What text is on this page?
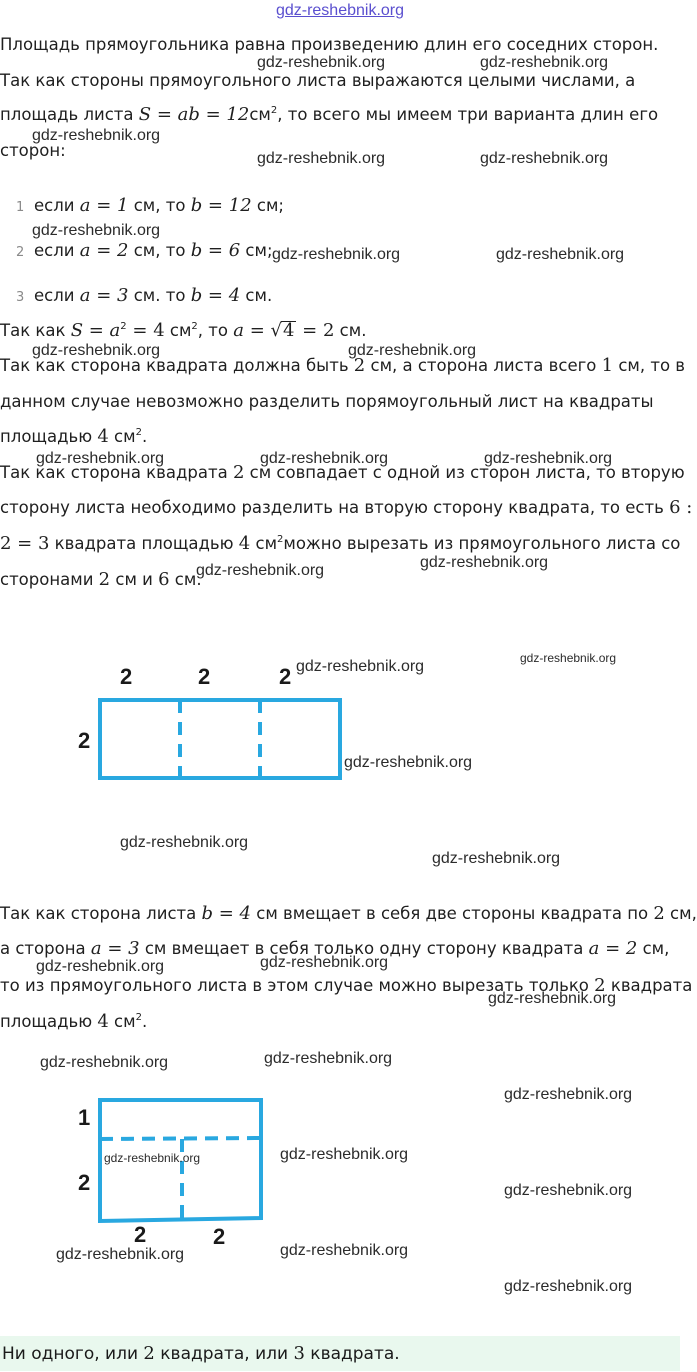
gdz-reshebnik.org
Площадь прямоугольника равна произведению длин его соседних сторон.
Так как стороны прямоугольного листа выражаются целыми числами, а
площадь листа S = ab = $12см^2$, то всего мы имеем три варианта длин его
сторон:
1 если a = 1 см, то b = 12 см;
2 если a = 2 см, то b = 6 см;
3 если a = 3 см. то b = 4 см.
Так как $S = a^2 = 4$ $см^2$, то a = √4 = 2 см.
Так как сторона квадрата должна быть 2 см, а сторона листа всего 1 см, то в
данном случае невозможно разделить порямоугольный лист на квадраты
площадью 4 $см^2$.
Так как сторона квадрата 2 см совпадает с одной из сторон листа, то вторую
сторону листа необходимо разделить на вторую сторону квадрата, то есть 6 :
2 = 3 квадрата площадью 4 $см^2можно$ вырезать из прямоугольного листа со
сторонами 2 см и 6 см.
2	2	2
2
Так как сторона листа b = 4 см вмещает в себя две стороны квадрата по 2 см,
а сторона a = 3 см вмещает в себя только одну сторону квадрата a = 2 см,
то из прямоугольного листа в этом случае можно вырезать только 2 квадрата
площадью 4 $см^2$.
1
2
2	2
gdz-reshebnik.org	gdz-reshebnik.org
gdz-reshebnik.org
gdz-reshebnik.org	gdz-reshebnik.org
gdz-reshebnik.org
gdz-reshebnik.org	gdz-reshebnik.org
gdz-reshebnik.org	gdz-reshebnik.org
gdz-reshebnik.org	gdz-reshebnik.org	gdz-reshebnik.org
gdz-reshebnik.org	gdz-reshebnik.org
gdz-reshebnik.org	gdz-reshebnik.org
gdz-reshebnik.org
gdz-reshebnik.org
gdz-reshebnik.org
gdz-reshebnik.org	gdz-reshebnik.org
gdz-reshebnik.org
gdz-reshebnik.org	gdz-reshebnik.org
gdz-reshebnik.org
gdz-reshebnik.org	gdz-reshebnik.org
gdz-reshebnik.org
gdz-reshebnik.org	gdz-reshebnik.org
gdz-reshebnik.org
Ни одного, или 2 квадрата, или 3 квадрата.
